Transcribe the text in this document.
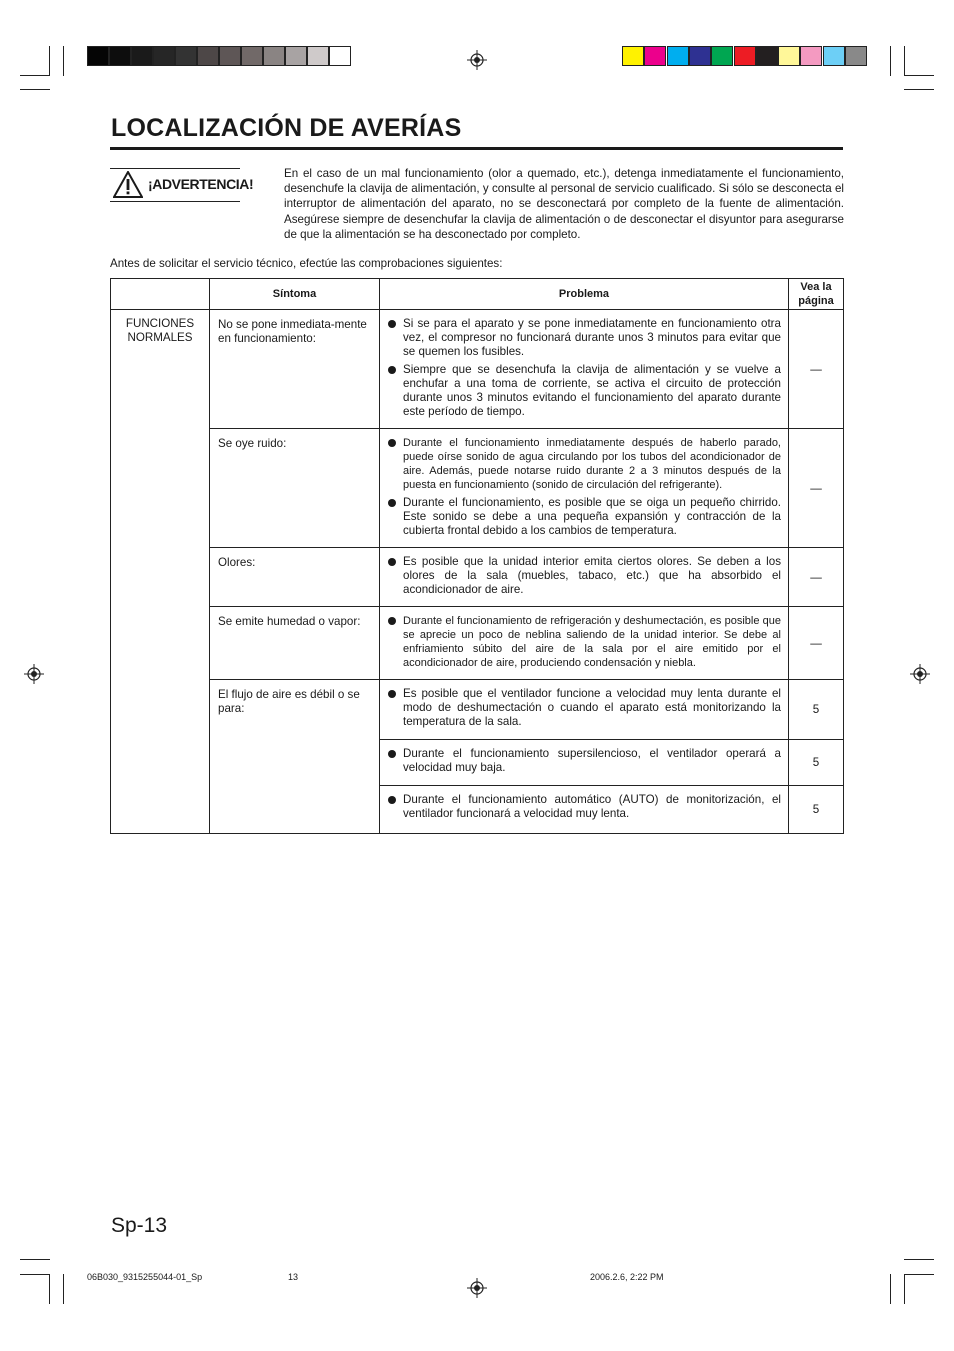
LOCALIZACIÓN DE AVERÍAS
¡ADVERTENCIA!
En el caso de un mal funcionamiento (olor a quemado, etc.), detenga inmediatamente el funcionamiento, desenchufe la clavija de alimentación, y consulte al personal de servicio cualificado. Si sólo se desconecta el interruptor de alimentación del aparato, no se desconectará por completo de la fuente de alimentación. Asegúrese siempre de desenchufar la clavija de alimentación o de desconectar el disyuntor para asegurarse de que la alimentación se ha desconectado por completo.
Antes de solicitar el servicio técnico, efectúe las comprobaciones siguientes:
	Síntoma	Problema	Vea la
página
FUNCIONES NORMALES	No se pone inmediata-mente en funcionamiento:	Si se para el aparato y se pone inmediatamente en funcionamiento otra vez, el compresor no funcionará durante unos 3 minutos para evitar que se quemen los fusibles.
Siempre que se desenchufa la clavija de alimentación y se vuelve a enchufar a una toma de corriente, se activa el circuito de protección durante unos 3 minutos evitando el funcionamiento del aparato durante este período de tiempo.	—
	Se oye ruido:	Durante el funcionamiento inmediatamente después de haberlo parado, puede oírse sonido de agua circulando por los tubos del acondicionador de aire. Además, puede notarse ruido durante 2 a 3 minutos después de la puesta en funcionamiento (sonido de circulación del refrigerante).
Durante el funcionamiento, es posible que se oiga un pequeño chirrido. Este sonido se debe a una pequeña expansión y contracción de la cubierta frontal debido a los cambios de temperatura.	—
	Olores:	Es posible que la unidad interior emita ciertos olores. Se deben a los olores de la sala (muebles, tabaco, etc.) que ha absorbido el acondicionador de aire.	—
	Se emite humedad o vapor:	Durante el funcionamiento de refrigeración y deshumectación, es posible que se aprecie un poco de neblina saliendo de la unidad interior. Se debe al enfriamiento súbito del aire de la sala por el aire emitido por el acondicionador de aire, produciendo condensación y niebla.	—
	El flujo de aire es débil o se para:	Es posible que el ventilador funcione a velocidad muy lenta durante el modo de deshumectación o cuando el aparato está monitorizando la temperatura de la sala.	5

Durante el funcionamiento supersilencioso, el ventilador operará a velocidad muy baja.	5

Durante el funcionamiento automático (AUTO) de monitorización, el ventilador funcionará a velocidad muy lenta.	5
Sp-13
06B030_9315255044-01_Sp	13	2006.2.6, 2:22 PM
